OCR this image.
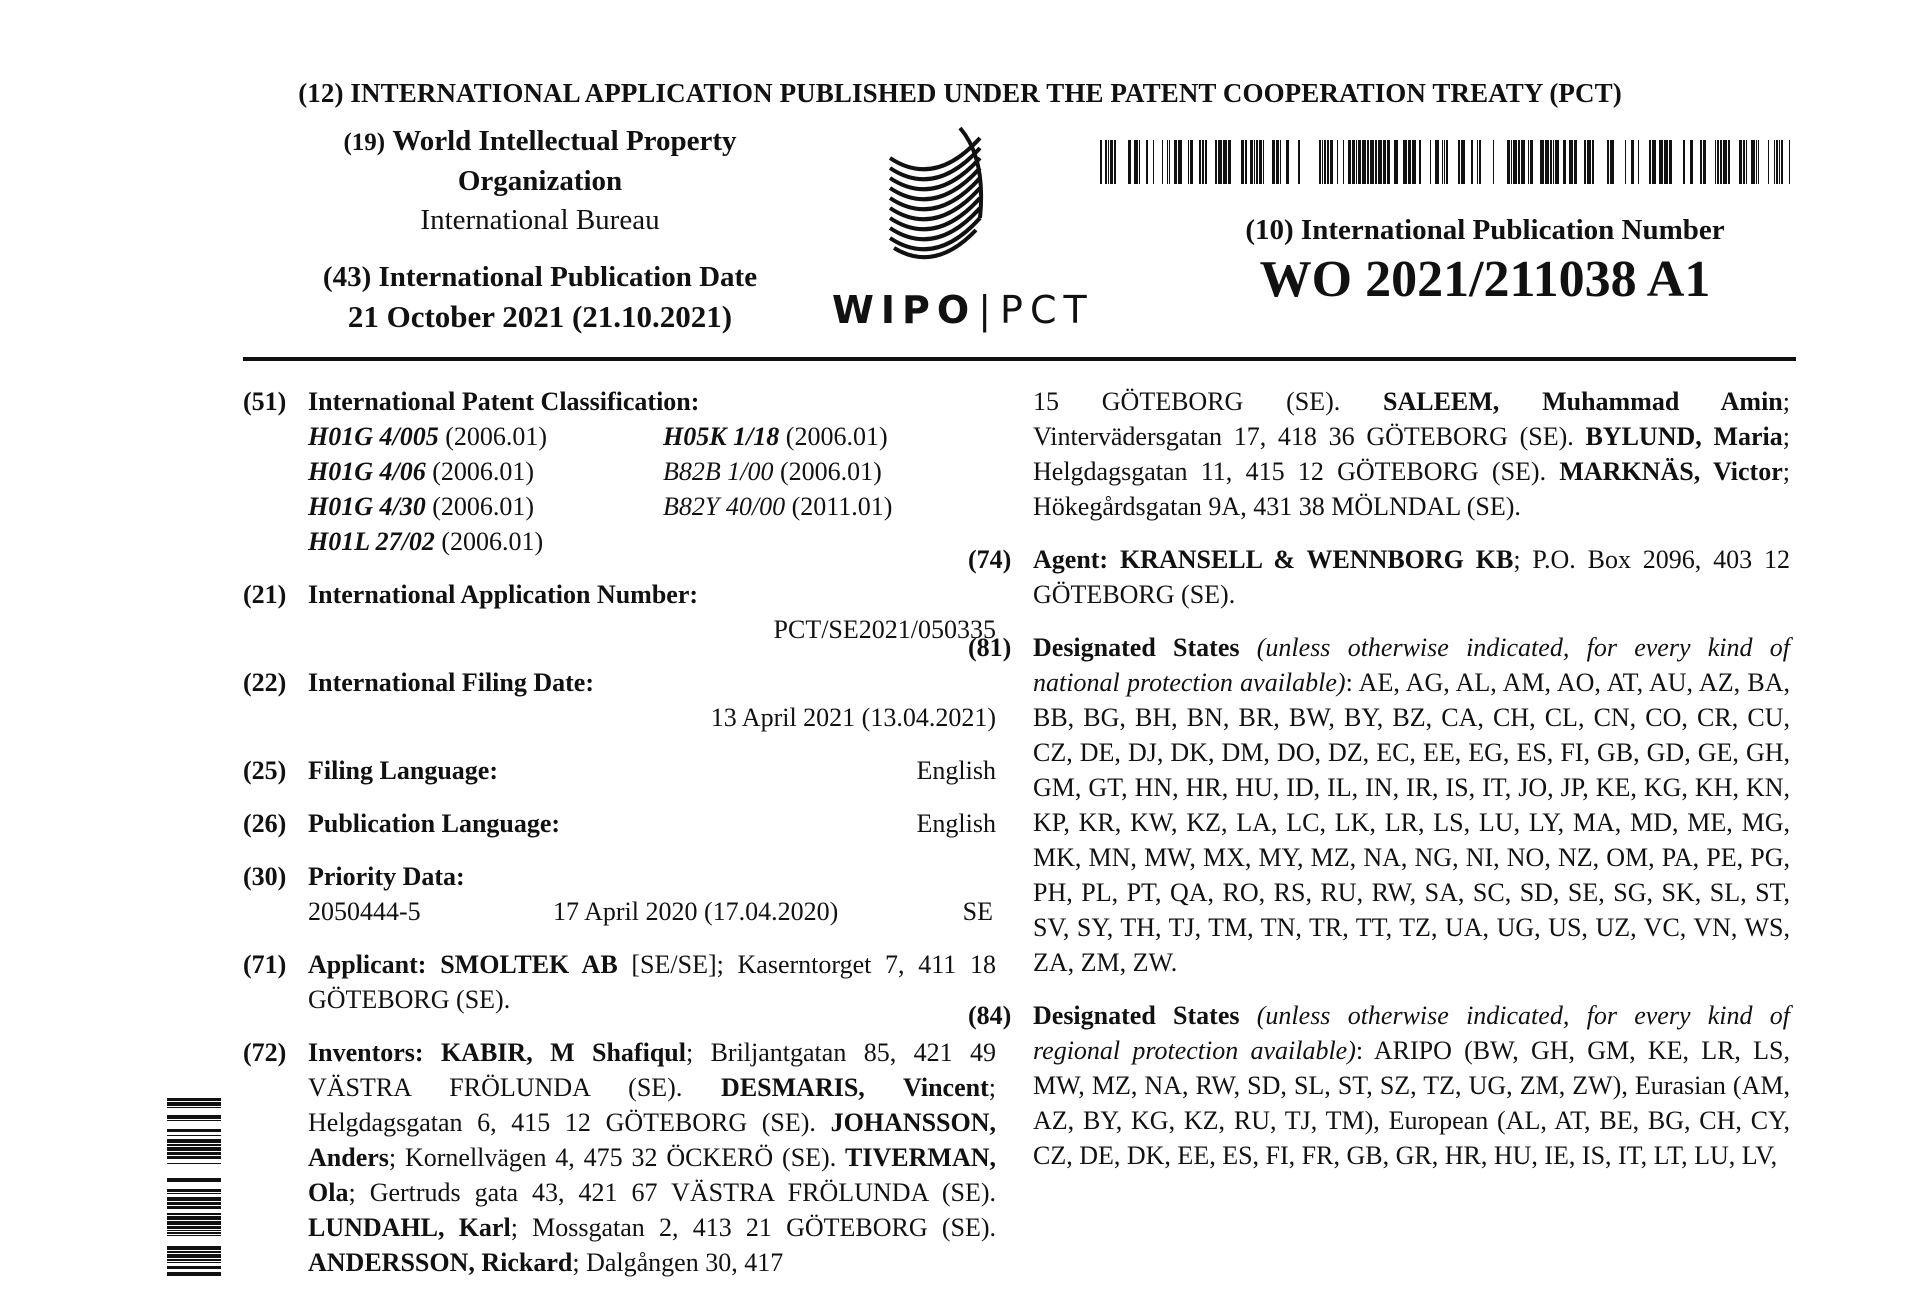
(12) INTERNATIONAL APPLICATION PUBLISHED UNDER THE PATENT COOPERATION TREATY (PCT)
(19) World Intellectual Property
Organization
International Bureau
(43) International Publication Date
21 October 2021 (21.10.2021)	WIPO|PCT
(10) International Publication Number
WO 2021/211038 A1
(51) International Patent Classification:
H01G 4/005 (2006.01)	H05K 1/18 (2006.01)
H01G 4/06 (2006.01)	B82B 1/00 (2006.01)
H01G 4/30 (2006.01)	B82Y 40/00 (2011.01)
H01L 27/02 (2006.01)
(21) International Application Number:
PCT/SE2021/050335
(22) International Filing Date:
13 April 2021 (13.04.2021)
(25) Filing Language:	English
(26) Publication Language:	English
(30) Priority Data:
2050444-5	17 April 2020 (17.04.2020)	SE
(71) Applicant: SMOLTEK AB [SE/SE]; Kaserntorget 7, 411 18 GÖTEBORG (SE).
(72) Inventors: KABIR, M Shafiqul; Briljantgatan 85, 421 49 VÄSTRA FRÖLUNDA (SE). DESMARIS, Vincent; Helgdagsgatan 6, 415 12 GÖTEBORG (SE). JOHANSSON, Anders; Kornellvägen 4, 475 32 ÖCKERÖ (SE). TIVERMAN, Ola; Gertruds gata 43, 421 67 VÄSTRA FRÖLUNDA (SE). LUNDAHL, Karl; Mossgatan 2, 413 21 GÖTEBORG (SE). ANDERSSON, Rickard; Dalgången 30, 417
15 GÖTEBORG (SE). SALEEM, Muhammad Amin; Vintervädersgatan 17, 418 36 GÖTEBORG (SE). BYLUND, Maria; Helgdagsgatan 11, 415 12 GÖTEBORG (SE). MARKNÄS, Victor; Hökegårdsgatan 9A, 431 38 MÖLNDAL (SE).
(74) Agent: KRANSELL & WENNBORG KB; P.O. Box 2096, 403 12 GÖTEBORG (SE).
(81) Designated States (unless otherwise indicated, for every kind of national protection available): AE, AG, AL, AM, AO, AT, AU, AZ, BA, BB, BG, BH, BN, BR, BW, BY, BZ, CA, CH, CL, CN, CO, CR, CU, CZ, DE, DJ, DK, DM, DO, DZ, EC, EE, EG, ES, FI, GB, GD, GE, GH, GM, GT, HN, HR, HU, ID, IL, IN, IR, IS, IT, JO, JP, KE, KG, KH, KN, KP, KR, KW, KZ, LA, LC, LK, LR, LS, LU, LY, MA, MD, ME, MG, MK, MN, MW, MX, MY, MZ, NA, NG, NI, NO, NZ, OM, PA, PE, PG, PH, PL, PT, QA, RO, RS, RU, RW, SA, SC, SD, SE, SG, SK, SL, ST, SV, SY, TH, TJ, TM, TN, TR, TT, TZ, UA, UG, US, UZ, VC, VN, WS, ZA, ZM, ZW.
(84) Designated States (unless otherwise indicated, for every kind of regional protection available): ARIPO (BW, GH, GM, KE, LR, LS, MW, MZ, NA, RW, SD, SL, ST, SZ, TZ, UG, ZM, ZW), Eurasian (AM, AZ, BY, KG, KZ, RU, TJ, TM), European (AL, AT, BE, BG, CH, CY, CZ, DE, DK, EE, ES, FI, FR, GB, GR, HR, HU, IE, IS, IT, LT, LU, LV,
